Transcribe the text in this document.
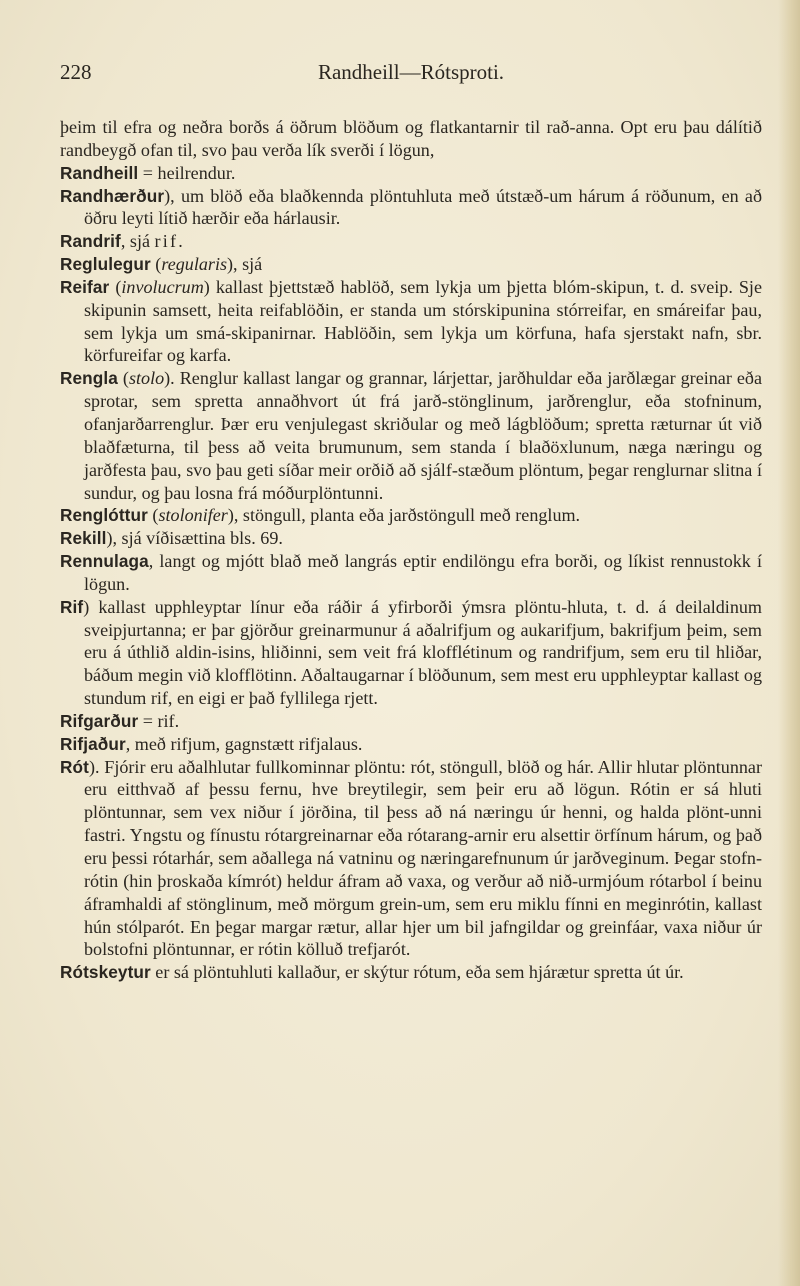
228	Randheill—Rótsproti.

þeim til efra og neðra borðs á öðrum blöðum og flatkantarnir til rað-anna. Opt eru þau dálítið randbeygð ofan til, svo þau verða lík sverði í lögun,

Randheill = heilrendur.

Randhærður), um blöð eða blaðkennda plöntuhluta með útstæð-um hárum á röðunum, en að öðru leyti lítið hærðir eða hárlausir.

Randrif, sjá rif.

Reglulegur (regularis), sjá

Reifar (involucrum) kallast þjettstæð hablöð, sem lykja um þjetta blóm-skipun, t. d. sveip. Sje skipunin samsett, heita reifablöðin, er standa um stórskipunina stórreifar, en smáreifar þau, sem lykja um smá-skipanirnar. Hablöðin, sem lykja um körfuna, hafa sjerstakt nafn, sbr. körfureifar og karfa.

Rengla (stolo). Renglur kallast langar og grannar, lárjettar, jarðhuldar eða jarðlægar greinar eða sprotar, sem spretta annaðhvort út frá jarð-stönglinum, jarðrenglur, eða stofninum, ofanjarðarrenglur. Þær eru venjulegast skriðular og með lágblöðum; spretta ræturnar út við blaðfæturna, til þess að veita brumunum, sem standa í blaðöxlunum, næga næringu og jarðfesta þau, svo þau geti síðar meir orðið að sjálf-stæðum plöntum, þegar renglurnar slitna í sundur, og þau losna frá móðurplöntunni.

Renglóttur (stolonifer), stöngull, planta eða jarðstöngull með renglum.

Rekill), sjá víðisættina bls. 69.

Rennulaga, langt og mjótt blað með langrás eptir endilöngu efra borði, og líkist rennustokk í lögun.

Rif) kallast upphleyptar línur eða ráðir á yfirborði ýmsra plöntu-hluta, t. d. á deilaldinum sveipjurtanna; er þar gjörður greinarmunur á aðalrifjum og aukarifjum, bakrifjum þeim, sem eru á úthlið aldin-isins, hliðinni, sem veit frá klofflétinum og randrifjum, sem eru til hliðar, báðum megin við klofflötinn. Aðaltaugarnar í blöðunum, sem mest eru upphleyptar kallast og stundum rif, en eigi er það fyllilega rjett.

Rifgarður = rif.

Rifjaður, með rifjum, gagnstætt rifjalaus.

Rót). Fjórir eru aðalhlutar fullkominnar plöntu: rót, stöngull, blöð og hár. Allir hlutar plöntunnar eru eitthvað af þessu fernu, hve breytilegir, sem þeir eru að lögun. Rótin er sá hluti plöntunnar, sem vex niður í jörðina, til þess að ná næringu úr henni, og halda plönt-unni fastri. Yngstu og fínustu rótargreinarnar eða rótarang-arnir eru alsettir örfínum hárum, og það eru þessi rótarhár, sem aðallega ná vatninu og næringarefnunum úr jarðveginum. Þegar stofn-rótin (hin þroskaða kímrót) heldur áfram að vaxa, og verður að nið-urmjóum rótarbol í beinu áframhaldi af stönglinum, með mörgum grein-um, sem eru miklu fínni en meginrótin, kallast hún stólparót. En þegar margar rætur, allar hjer um bil jafngildar og greinfáar, vaxa niður úr bolstofni plöntunnar, er rótin kölluð trefjarót.

Rótskeytur er sá plöntuhluti kallaður, er skýtur rótum, eða sem hjárætur spretta út úr.
